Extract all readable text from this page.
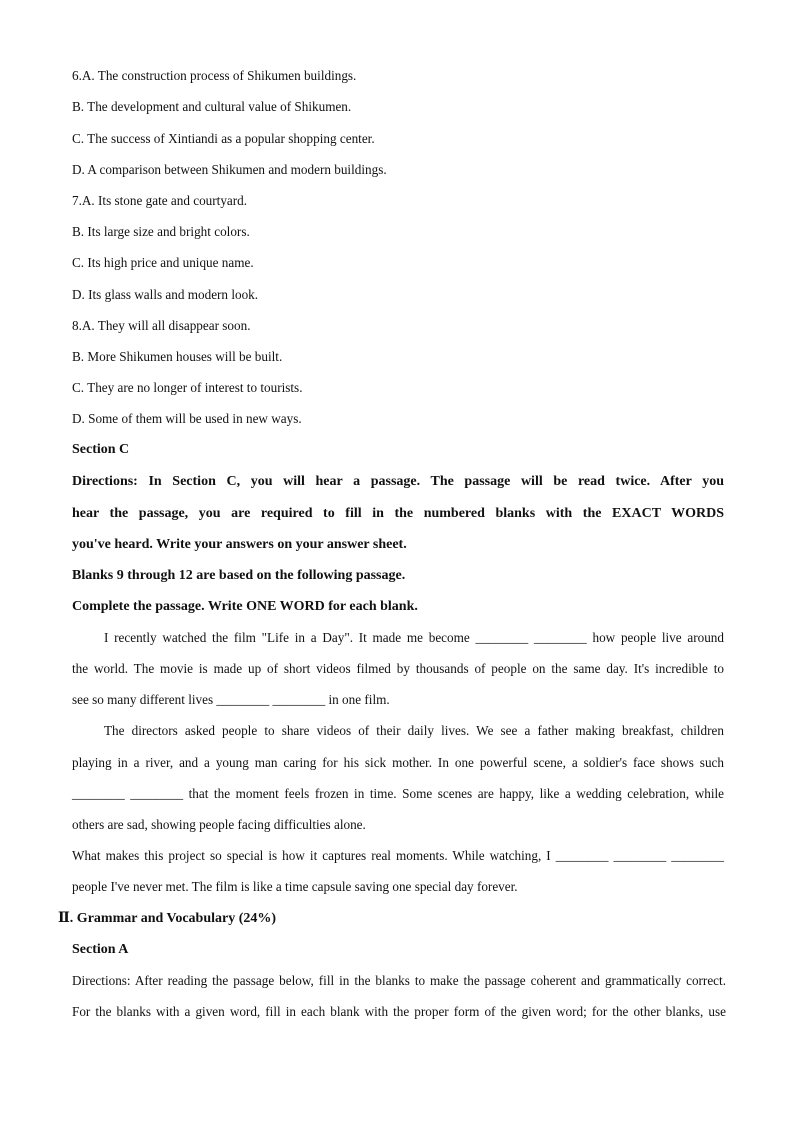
6.A. The construction process of Shikumen buildings.
B. The development and cultural value of Shikumen.
C. The success of Xintiandi as a popular shopping center.
D. A comparison between Shikumen and modern buildings.
7.A. Its stone gate and courtyard.
B. Its large size and bright colors.
C. Its high price and unique name.
D. Its glass walls and modern look.
8.A. They will all disappear soon.
B. More Shikumen houses will be built.
C. They are no longer of interest to tourists.
D. Some of them will be used in new ways.
Section C
Directions: In Section C, you will hear a passage. The passage will be read twice. After you
hear the passage, you are required to fill in the numbered blanks with the EXACT WORDS
you've heard. Write your answers on your answer sheet.
Blanks 9 through 12 are based on the following passage.
Complete the passage. Write ONE WORD for each blank.
I recently watched the film "Life in a Day". It made me become ________ ________ how people live around
the world. The movie is made up of short videos filmed by thousands of people on the same day. It's incredible to
see so many different lives ________ ________ in one film.
The directors asked people to share videos of their daily lives. We see a father making breakfast, children
playing in a river, and a young man caring for his sick mother. In one powerful scene, a soldier's face shows such
________ ________ that the moment feels frozen in time. Some scenes are happy, like a wedding celebration, while
others are sad, showing people facing difficulties alone.
What makes this project so special is how it captures real moments. While watching, I ________ ________ ________
people I've never met. The film is like a time capsule saving one special day forever.
Ⅱ. Grammar and Vocabulary (24%)
Section A
Directions: After reading the passage below, fill in the blanks to make the passage coherent and grammatically correct.
For the blanks with a given word, fill in each blank with the proper form of the given word; for the other blanks, use
